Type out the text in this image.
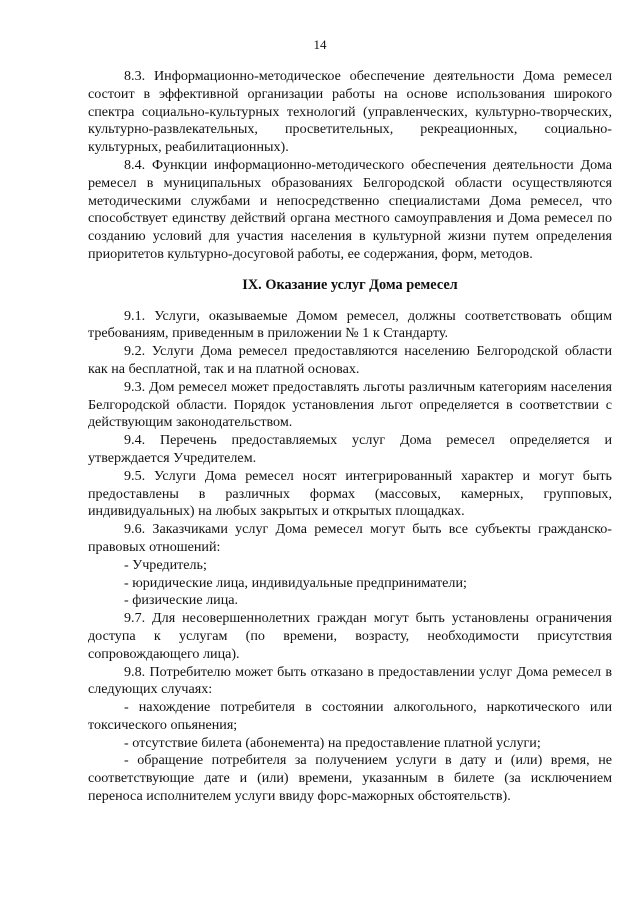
14

8.3. Информационно-методическое обеспечение деятельности Дома ремесел состоит в эффективной организации работы на основе использования широкого спектра социально-культурных технологий (управленческих, культурно-творческих, культурно-развлекательных, просветительных, рекреационных, социально-культурных, реабилитационных).

8.4. Функции информационно-методического обеспечения деятельности Дома ремесел в муниципальных образованиях Белгородской области осуществляются методическими службами и непосредственно специалистами Дома ремесел, что способствует единству действий органа местного самоуправления и Дома ремесел по созданию условий для участия населения в культурной жизни путем определения приоритетов культурно-досуговой работы, ее содержания, форм, методов.

IX. Оказание услуг Дома ремесел

9.1. Услуги, оказываемые Домом ремесел, должны соответствовать общим требованиям, приведенным в приложении № 1 к Стандарту.

9.2. Услуги Дома ремесел предоставляются населению Белгородской области как на бесплатной, так и на платной основах.

9.3. Дом ремесел может предоставлять льготы различным категориям населения Белгородской области. Порядок установления льгот определяется в соответствии с действующим законодательством.

9.4. Перечень предоставляемых услуг Дома ремесел определяется и утверждается Учредителем.

9.5. Услуги Дома ремесел носят интегрированный характер и могут быть предоставлены в различных формах (массовых, камерных, групповых, индивидуальных) на любых закрытых и открытых площадках.

9.6. Заказчиками услуг Дома ремесел могут быть все субъекты гражданско-правовых отношений:

- Учредитель;

- юридические лица, индивидуальные предприниматели;

- физические лица.

9.7. Для несовершеннолетних граждан могут быть установлены ограничения доступа к услугам (по времени, возрасту, необходимости присутствия сопровождающего лица).

9.8. Потребителю может быть отказано в предоставлении услуг Дома ремесел в следующих случаях:

- нахождение потребителя в состоянии алкогольного, наркотического или токсического опьянения;

- отсутствие билета (абонемента) на предоставление платной услуги;

- обращение потребителя за получением услуги в дату и (или) время, не соответствующие дате и (или) времени, указанным в билете (за исключением переноса исполнителем услуги ввиду форс-мажорных обстоятельств).
